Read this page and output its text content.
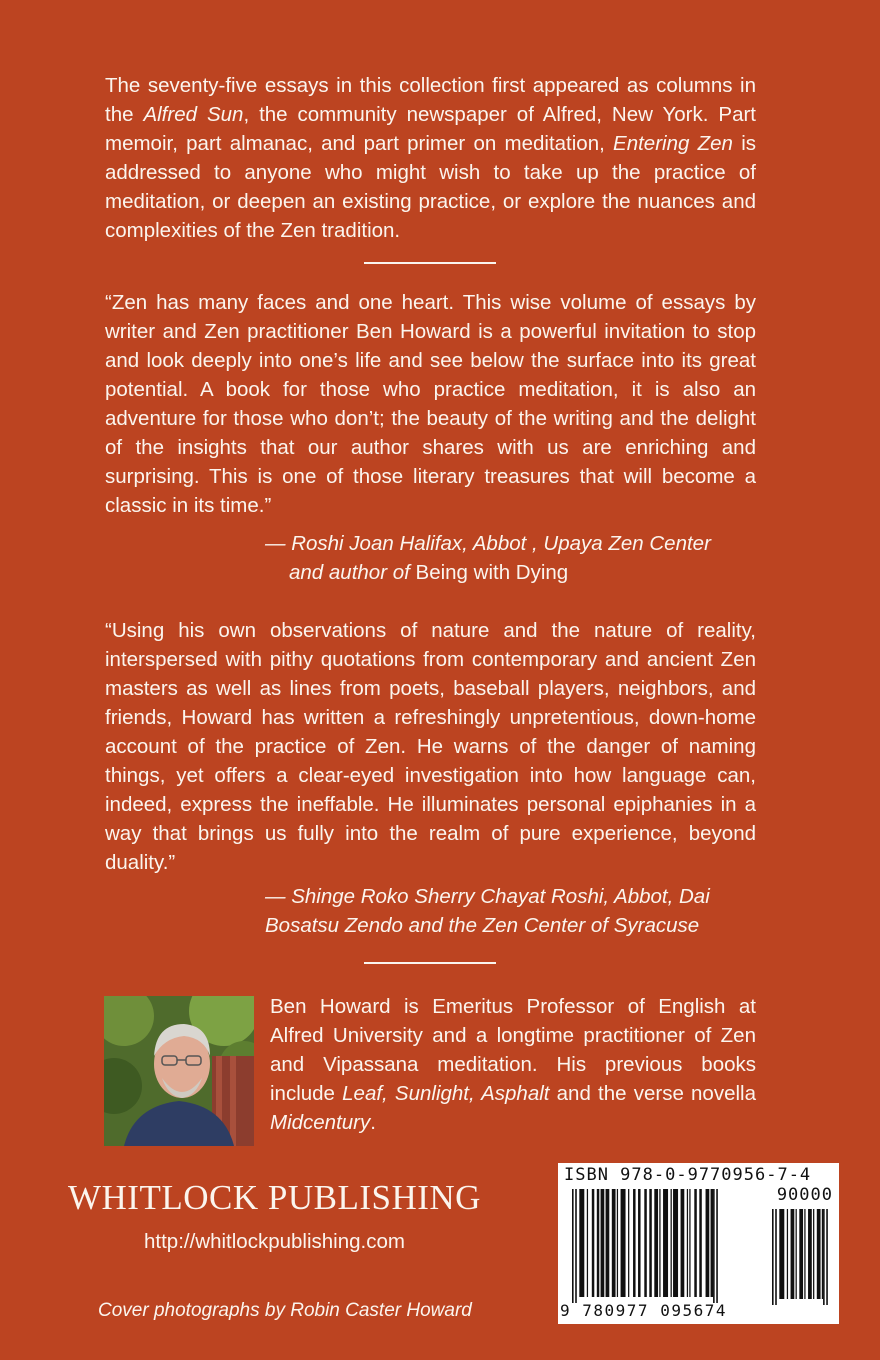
The seventy-five essays in this collection first appeared as columns in the Alfred Sun, the community newspaper of Alfred, New York. Part memoir, part almanac, and part primer on meditation, Entering Zen is addressed to anyone who might wish to take up the practice of meditation, or deepen an existing practice, or explore the nuances and complexities of the Zen tradition.

“Zen has many faces and one heart. This wise volume of essays by writer and Zen practitioner Ben Howard is a powerful invitation to stop and look deeply into one’s life and see below the surface into its great potential. A book for those who practice meditation, it is also an adventure for those who don’t; the beauty of the writing and the delight of the insights that our author shares with us are enriching and surprising. This is one of those literary treasures that will become a classic in its time.”

— Roshi Joan Halifax, Abbot , Upaya Zen Center
and author of Being with Dying

“Using his own observations of nature and the nature of reality, interspersed with pithy quotations from contemporary and ancient Zen masters as well as lines from poets, baseball players, neighbors, and friends, Howard has written a refreshingly unpretentious, down-home account of the practice of Zen. He warns of the danger of naming things, yet offers a clear-eyed investigation into how language can, indeed, express the ineffable. He illuminates personal epiphanies in a way that brings us fully into the realm of pure experience, beyond duality.”

— Shinge Roko Sherry Chayat Roshi, Abbot, Dai
Bosatsu Zendo and the Zen Center of Syracuse
Ben Howard is Emeritus Professor of English at Alfred University and a longtime practitioner of Zen and Vipassana meditation. His previous books include Leaf, Sunlight, Asphalt and the verse novella Midcentury.
WHITLOCK PUBLISHING
http://whitlockpublishing.com
Cover photographs by Robin Caster Howard
ISBN 978-0-9770956-7-4
90000
9 780977 095674
